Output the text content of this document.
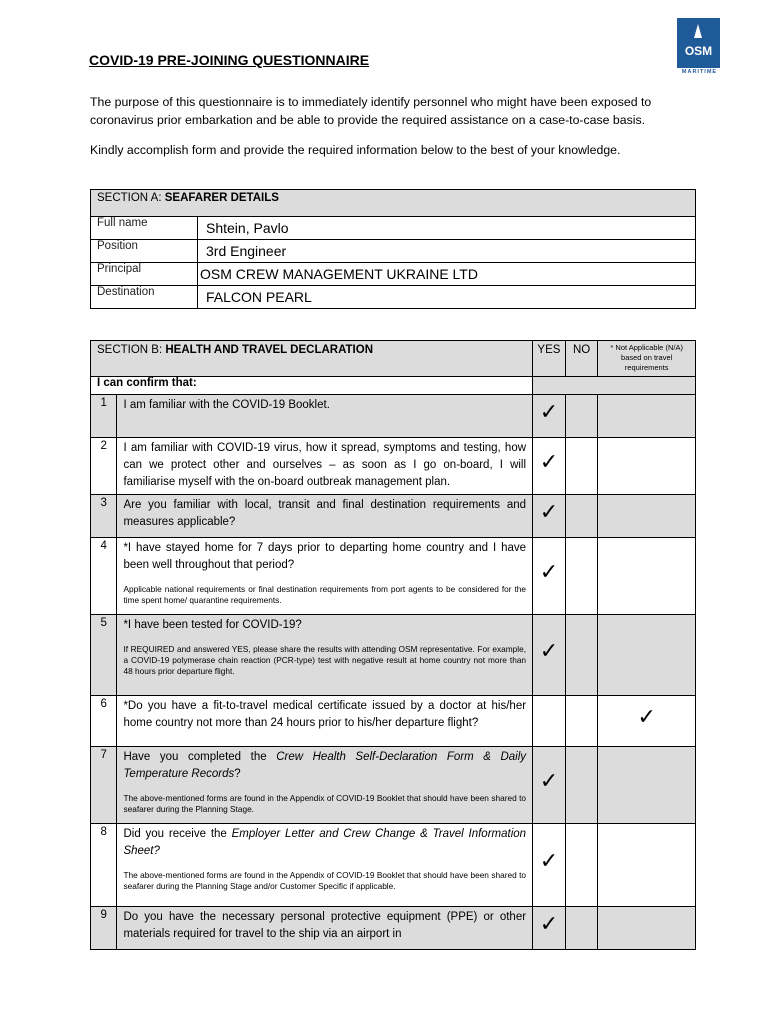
COVID-19 PRE-JOINING QUESTIONNAIRE
OSM
MARITIME
The purpose of this questionnaire is to immediately identify personnel who might have been exposed to coronavirus prior embarkation and be able to provide the required assistance on a case-to-case basis.
Kindly accomplish form and provide the required information below to the best of your knowledge.
SECTION A: SEAFARER DETAILS	
Full name	Shtein, Pavlo
Position	3rd Engineer
Principal	OSM CREW MANAGEMENT UKRAINE LTD
Destination	FALCON PEARL
SECTION B: HEALTH AND TRAVEL DECLARATION		YES	NO	* Not Applicable (N/A) based on travel requirements
I can confirm that:				
1	I am familiar with the COVID-19 Booklet.	✓		
2	I am familiar with COVID-19 virus, how it spread, symptoms and testing, how can we protect other and ourselves – as soon as I go on-board, I will familiarise myself with the on-board outbreak management plan.	✓		
3	Are you familiar with local, transit and final destination requirements and measures applicable?	✓		
4	*I have stayed home for 7 days prior to departing home country and I have been well throughout that period?
Applicable national requirements or final destination requirements from port agents to be considered for the time spent home/ quarantine requirements.	✓		
5	*I have been tested for COVID-19?
If REQUIRED and answered YES, please share the results with attending OSM representative. For example, a COVID-19 polymerase chain reaction (PCR-type) test with negative result at home country not more than 48 hours prior departure flight.	✓		
6	*Do you have a fit-to-travel medical certificate issued by a doctor at his/her home country not more than 24 hours prior to his/her departure flight?			✓
7	Have you completed the Crew Health Self-Declaration Form & Daily Temperature Records?
The above-mentioned forms are found in the Appendix of COVID-19 Booklet that should have been shared to seafarer during the Planning Stage.	✓		
8	Did you receive the Employer Letter and Crew Change & Travel Information Sheet?
The above-mentioned forms are found in the Appendix of COVID-19 Booklet that should have been shared to seafarer during the Planning Stage and/or Customer Specific if applicable.	✓		
9	Do you have the necessary personal protective equipment (PPE) or other materials required for travel to the ship via an airport in	✓		
